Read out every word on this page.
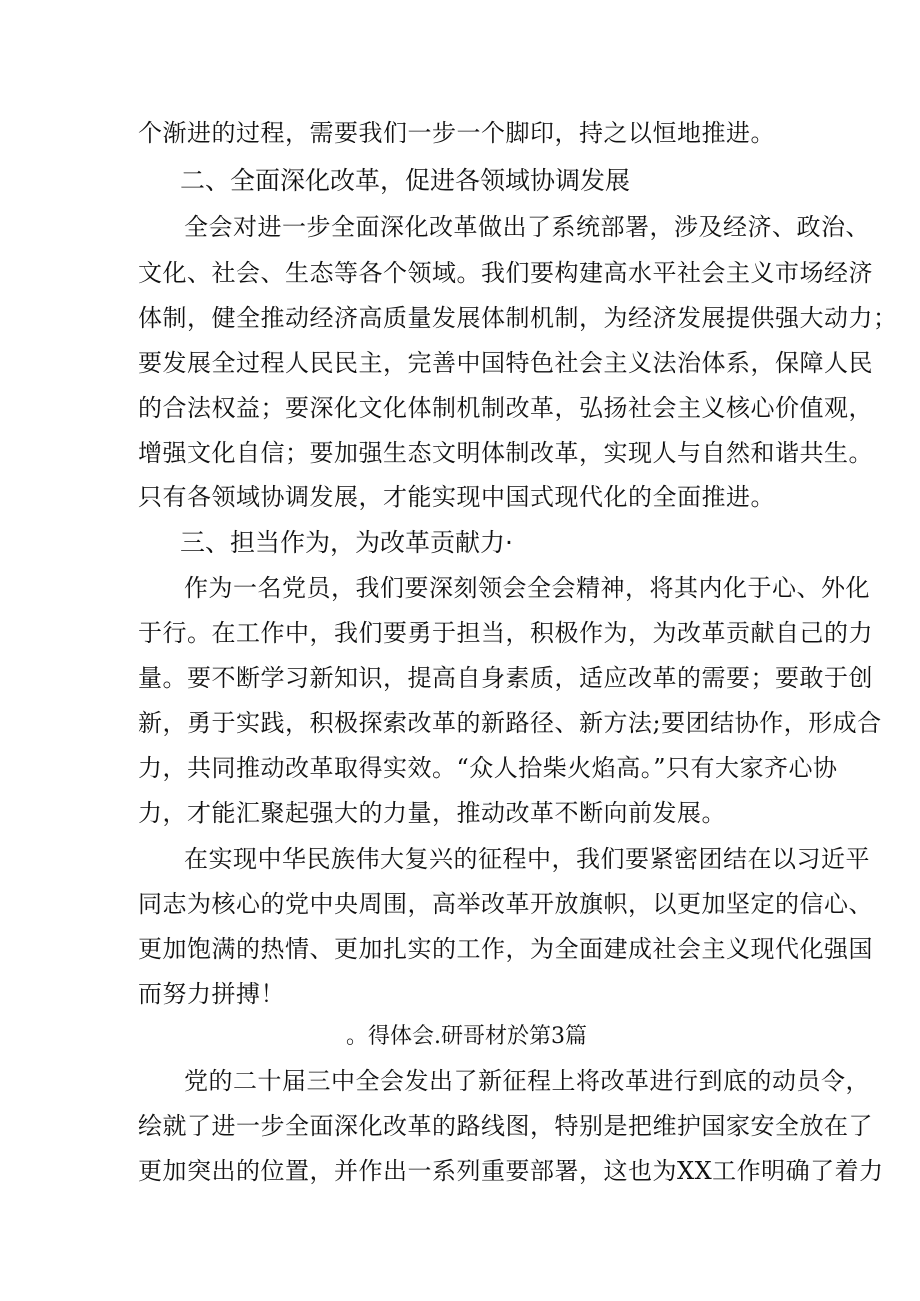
个渐进的过程，需要我们一步一个脚印，持之以恒地推进。
二、全面深化改革，促进各领域协调发展
全会对进一步全面深化改革做出了系统部署，涉及经济、政治、
文化、社会、生态等各个领域。我们要构建高水平社会主义市场经济
体制，健全推动经济高质量发展体制机制，为经济发展提供强大动力；
要发展全过程人民民主，完善中国特色社会主义法治体系，保障人民
的合法权益；要深化文化体制机制改革，弘扬社会主义核心价值观，
增强文化自信；要加强生态文明体制改革，实现人与自然和谐共生。
只有各领域协调发展，才能实现中国式现代化的全面推进。
三、担当作为，为改革贡献力·
作为一名党员，我们要深刻领会全会精神，将其内化于心、外化
于行。在工作中，我们要勇于担当，积极作为，为改革贡献自己的力
量。要不断学习新知识，提高自身素质，适应改革的需要；要敢于创
新，勇于实践，积极探索改革的新路径、新方法;要团结协作，形成合
力，共同推动改革取得实效。“众人拾柴火焰高。”只有大家齐心协
力，才能汇聚起强大的力量，推动改革不断向前发展。
在实现中华民族伟大复兴的征程中，我们要紧密团结在以习近平
同志为核心的党中央周围，高举改革开放旗帜，以更加坚定的信心、
更加饱满的热情、更加扎实的工作，为全面建成社会主义现代化强国
而努力拼搏！
。得体会.研哥材於第3篇
党的二十届三中全会发出了新征程上将改革进行到底的动员令，
绘就了进一步全面深化改革的路线图，特别是把维护国家安全放在了
更加突出的位置，并作出一系列重要部署，这也为XX工作明确了着力
